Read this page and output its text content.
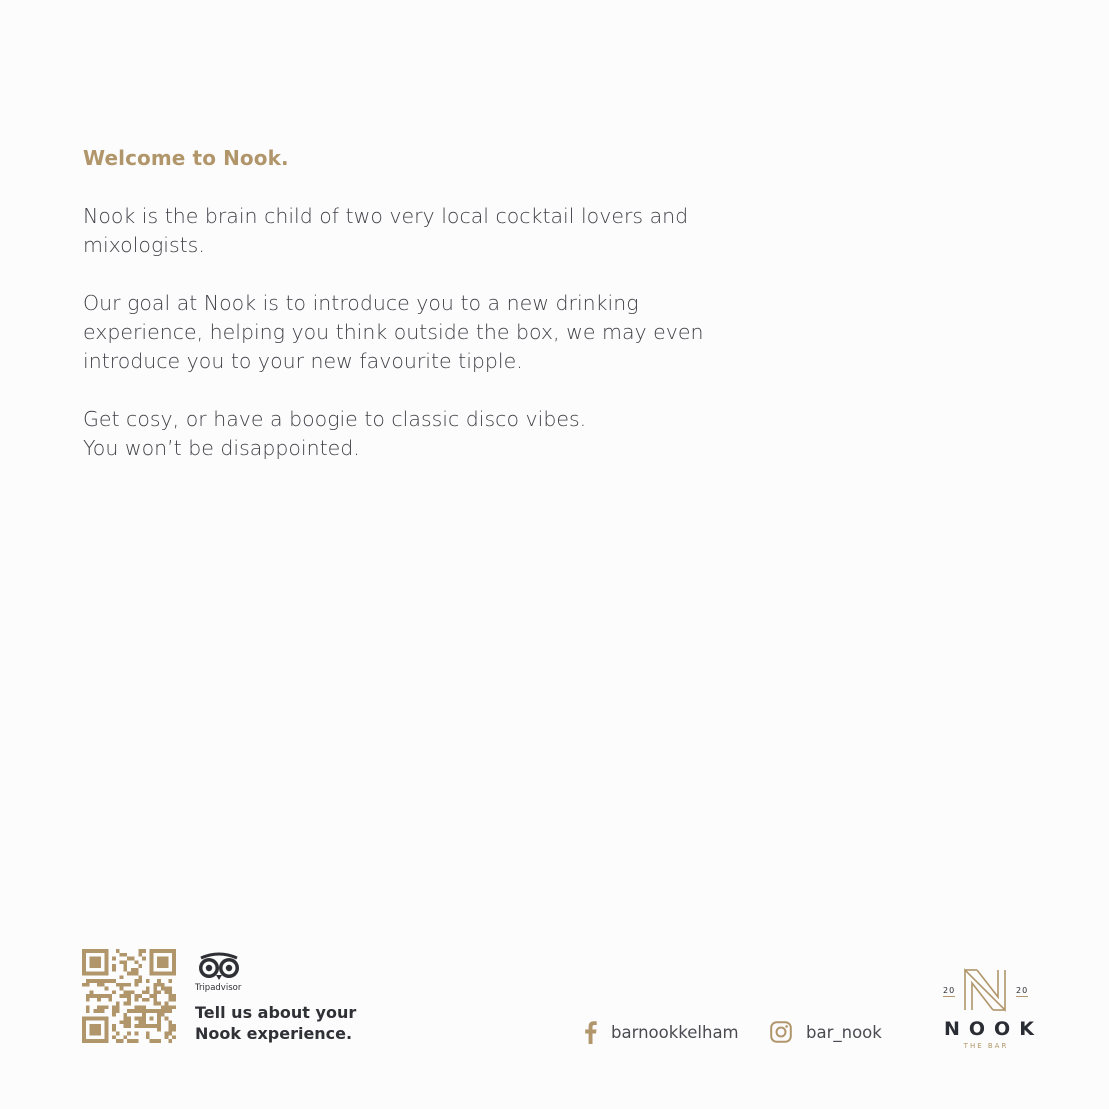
Welcome to Nook.

Nook is the brain child of two very local cocktail lovers and
mixologists.

Our goal at Nook is to introduce you to a new drinking
experience, helping you think outside the box, we may even
introduce you to your new favourite tipple.

Get cosy, or have a boogie to classic disco vibes.
You won’t be disappointed.

Tripadvisor
Tell us about your
Nook experience.	barnookkelham	bar_nook
20	20
NOOK
THE BAR
